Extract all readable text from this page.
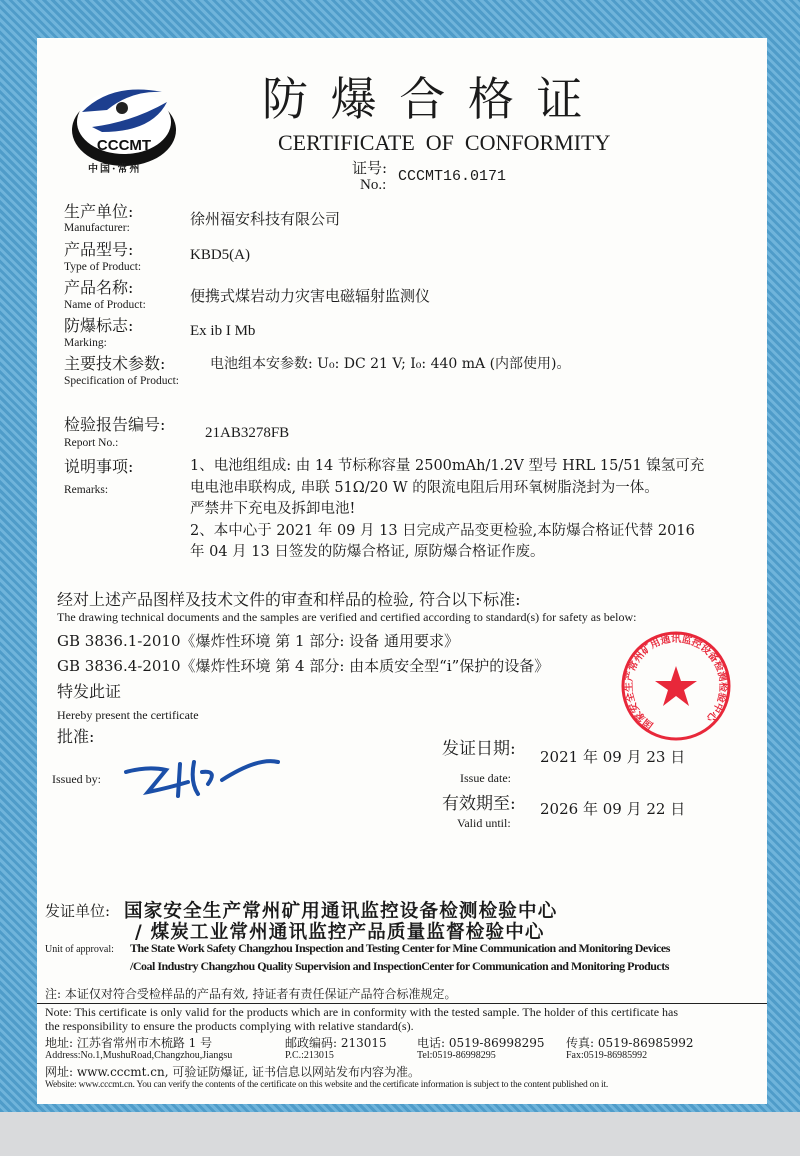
CCCMT
中国·常州
防 爆 合 格 证
CERTIFICATE  OF  CONFORMITY
证号:
No.: CCCMT16.0171
生产单位:
Manufacturer:	徐州福安科技有限公司
产品型号:
Type of Product:
KBD5(A)
产品名称:
Name of Product:	便携式煤岩动力灾害电磁辐射监测仪
防爆标志:
Marking:
Ex ib I Mb
主要技术参数:
Specification of Product:
电池组本安参数: U₀: DC 21 V; I₀: 440 mA (内部使用)。
检验报告编号:
Report No.:
21AB3278FB
说明事项:
Remarks:
1、电池组组成: 由 14 节标称容量 2500mAh/1.2V 型号 HRL 15/51 镍氢可充
电电池串联构成, 串联 51Ω/20 W 的限流电阻后用环氧树脂浇封为一体。
严禁井下充电及拆卸电池!
2、本中心于 2021 年 09 月 13 日完成产品变更检验,本防爆合格证代替 2016
年 04 月 13 日签发的防爆合格证, 原防爆合格证作废。
经对上述产品图样及技术文件的审查和样品的检验, 符合以下标准:
The drawing technical documents and the samples are verified and certified according to standard(s) for safety as below:
GB 3836.1-2010《爆炸性环境 第 1 部分: 设备 通用要求》
GB 3836.4-2010《爆炸性环境 第 4 部分: 由本质安全型“i”保护的设备》
特发此证
Hereby present the certificate
批准:
Issued by:
国家安全生产常州矿用通讯监控设备检测检验中心
发证日期:
Issue date:
2021 年 09 月 23 日
有效期至:
Valid until:
2026 年 09 月 22 日
发证单位: 国家安全生产常州矿用通讯监控设备检测检验中心
/ 煤炭工业常州通讯监控产品质量监督检验中心
Unit of approval: The State Work Safety Changzhou Inspection and Testing Center for Mine Communication and Monitoring Devices
/Coal Industry Changzhou Quality Supervision and InspectionCenter for Communication and Monitoring Products
注: 本证仅对符合受检样品的产品有效, 持证者有责任保证产品符合标准规定。
Note: This certificate is only valid for the products which are in conformity with the tested sample. The holder of this certificate has
the responsibility to ensure the products complying with relative standard(s).
地址: 江苏省常州市木梳路 1 号	邮政编码: 213015	电话: 0519-86998295 传真: 0519-86985992
Address:No.1,MushuRoad,Changzhou,Jiangsu	P.C.:213015	Tel:0519-86998295	Fax:0519-86985992
网址: www.cccmt.cn, 可验证防爆证, 证书信息以网站发布内容为准。
Website: www.cccmt.cn. You can verify the contents of the certificate on this website and the certificate information is subject to the content published on it.
